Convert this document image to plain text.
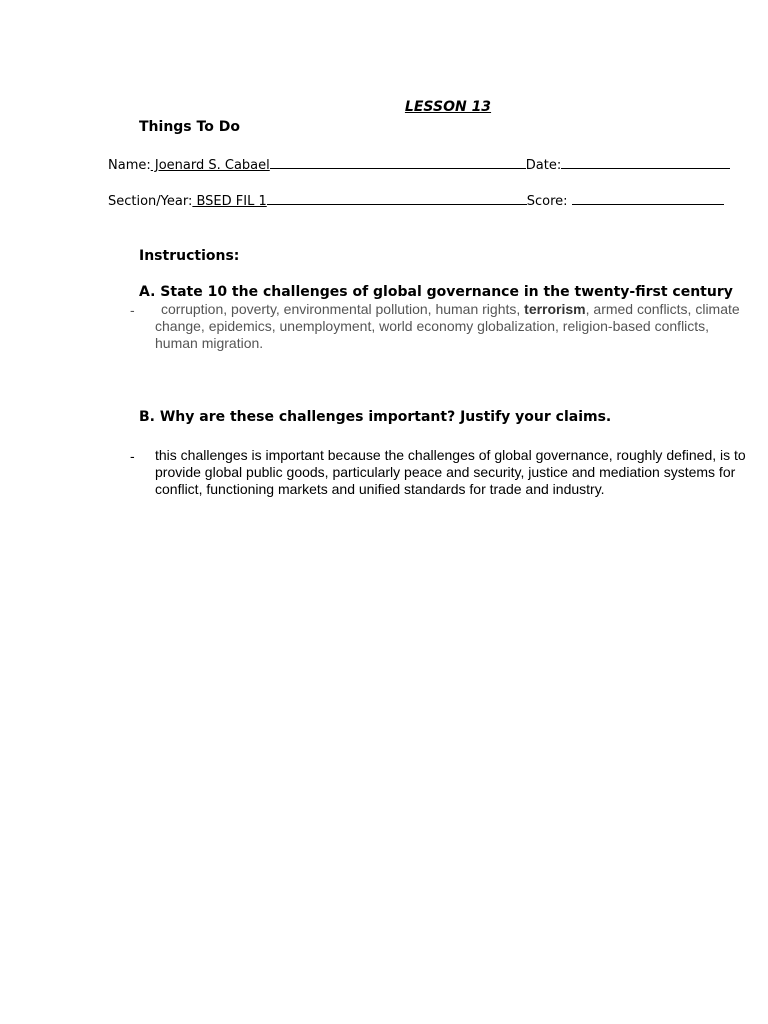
LESSON 13
Things To Do
Name: Joenard S. Cabael	Date:
Section/Year: BSED FIL 1	Score:
Instructions:
A. State 10 the challenges of global governance in the twenty-first century
-	corruption, poverty, environmental pollution, human rights, terrorism, armed conflicts, climate change, epidemics, unemployment, world economy globalization, religion-based conflicts, human migration.
B. Why are these challenges important? Justify your claims.
- this challenges is important because the challenges of global governance, roughly defined, is to provide global public goods, particularly peace and security, justice and mediation systems for conflict, functioning markets and unified standards for trade and industry.
